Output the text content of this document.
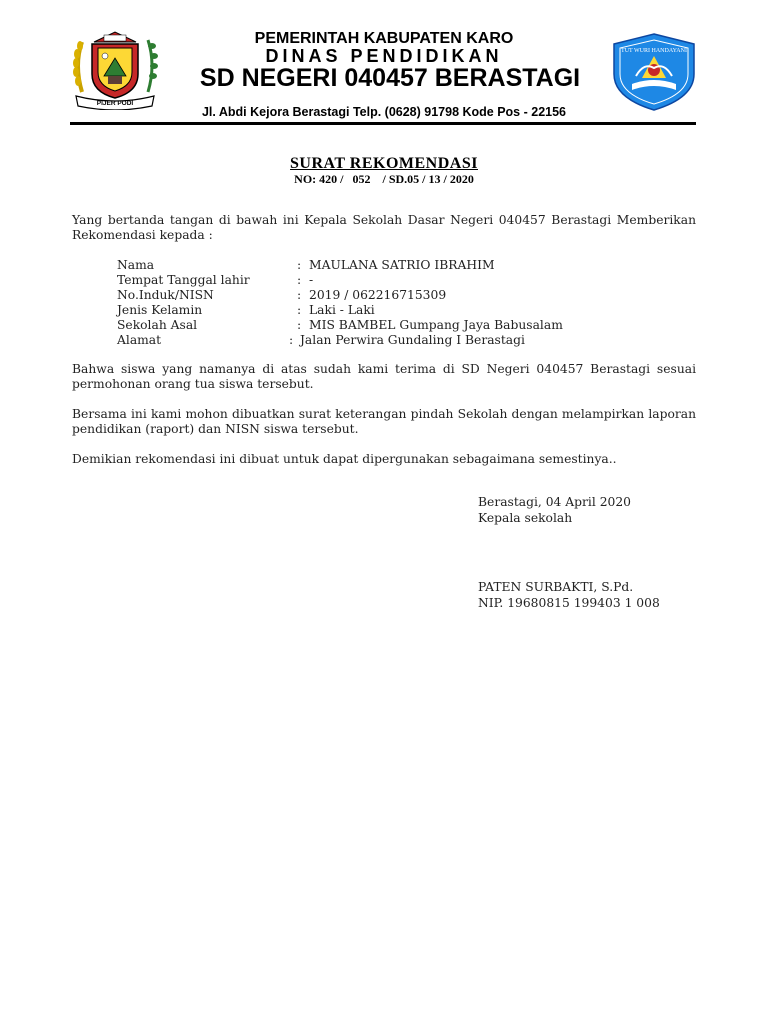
PIJER PODI
TUT WURI HANDAYANI
PEMERINTAH KABUPATEN KARO
DINAS PENDIDIKAN
SD NEGERI 040457 BERASTAGI
Jl. Abdi Kejora Berastagi Telp. (0628) 91798 Kode Pos - 22156
SURAT REKOMENDASI
NO: 420 /   052    / SD.05 / 13 / 2020
Yang bertanda tangan di bawah ini Kepala Sekolah Dasar Negeri 040457 Berastagi Memberikan Rekomendasi kepada :
Nama	: MAULANA SATRIO IBRAHIM
Tempat Tanggal lahir	: -
No.Induk/NISN	: 2019 / 062216715309
Jenis Kelamin	: Laki - Laki
Sekolah Asal	: MIS BAMBEL Gumpang Jaya Babusalam
Alamat	: Jalan Perwira Gundaling I Berastagi
Bahwa siswa yang namanya di atas sudah kami terima di SD Negeri 040457 Berastagi sesuai permohonan orang tua siswa tersebut.
Bersama ini kami mohon dibuatkan surat keterangan pindah Sekolah dengan melampirkan laporan pendidikan (raport) dan NISN siswa tersebut.
Demikian rekomendasi ini dibuat untuk dapat dipergunakan sebagaimana semestinya..
Berastagi, 04 April 2020
Kepala sekolah
PATEN SURBAKTI, S.Pd.
NIP. 19680815 199403 1 008
